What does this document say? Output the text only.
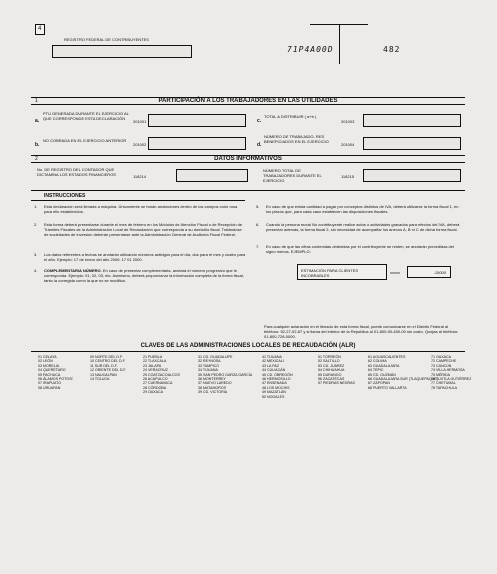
4
REGISTRO FEDERAL DE CONTRIBUYENTES
71P4A00D	482
1	PARTICIPACIÓN A LOS TRABAJADORES EN LAS UTILIDADES
a.
PTU GENERADA DURANTE EL EJERCICIO AL QUE CORRESPONDE ESTA DECLARACIÓN
201001
b.
NO COBRADA EN EL EJERCICIO ANTERIOR
201002
c.
TOTAL A DISTRIBUIR ( a+b )
201003
d.
NÚMERO DE TRABAJADO- RES BENEFICIADOS EN EL EJERCICIO
201004
2	DATOS INFORMATIVOS
No. DE REGISTRO DEL CONTADOR QUE DICTAMINA LOS ESTADOS FINANCIEROS	118214
NÚMERO TOTAL DE TRABAJADORES DURANTE EL EJERCICIO
118215
INSTRUCCIONES
1. Esta declaración será llenada a máquina. Únicamente se harán anotaciones dentro de los campos color rosa para ello establecidos.

2. Esta forma deberá presentarse durante el mes de febrero en los Módulos de Atención Fiscal o de Recepción de Trámites Fiscales de la Administración Local de Recaudación que corresponda a su domicilio fiscal. Tratándose de sociedades de inversión deberán presentarse ante la Administración General de Auditoría Fiscal Federal.

3. Los datos referentes a fechas se anotarán utilizando números arábigos para el día, dos para el mes y cuatro para el año. Ejemplo: 17 de enero del año 2000: 17 01 2000.

4. COMPLEMENTARIA NÚMERO. En caso de presentar complementaria, anotará el número progresivo que le corresponda. Ejemplo: 01, 02, 03, etc. Asimismo, deberá proporcionar la información completa de la forma fiscal, tanto la corregida como la que no se modifica.

5. En caso de que exista cantidad a pagar por conceptos distintos de IVA, deberá utilizarse la forma fiscal 1, en los plazos que, para cada caso establecen las disposiciones fiscales.

6. Cuando la persona moral No contribuyente realice actos o actividades gravados para efectos del IVA, deberá presentar además, la forma fiscal 2, sin necesidad de acompañar los anexos A, B ni C de dicha forma fiscal.

7. En caso de que las cifras contenidas obtenidas por el contribuyente se resten, se anotarán precedidas del signo menos. EJEMPLO:

ESTIMACIÓN PARA CLIENTES INCOBRABLES
xxxxx	-15000
Para cualquier aclaración en el llenado de esta forma fiscal, puede comunicarse en el Distrito Federal al teléfono: 52-27-02-87 y si llama del interior de la República al 01-800-90-450-00 sin costo. Quejas al teléfono: 01-800-728-0000.
CLAVES DE LAS ADMINISTRACIONES LOCALES DE RECAUDACIÓN (ALR)
01 CELAYA
02 LEÓN
03 MORELIA
04 QUERÉTARO
05 PACHUCA
06 ÁLAMOS POTOSÍ
07 IRAPUATO
08 URUAPAN
09 NORTE DEL D.F.
10 CENTRO DEL D.F.
11 SUR DEL D.F.
12 ORIENTE DEL D.F.
13 NAUCALPAN
14 TOLUCA
21 PUEBLA
22 TLAXCALA
23 JALAPA
24 VERACRUZ
25 COATZACOALCOS
26 ACAPULCO
27 CUERNAVACA
28 CÓRDOBA
29 OAXACA
31 CD. GUADALUPE
32 REYNOSA
33 TAMPICO
34 TIJUANA
35 SAN PEDRO GARZA GARCÍA
36 MONTERREY
37 NUEVO LAREDO
38 MATAMOROS
39 CD. VICTORIA
41 TIJUANA
42 MEXICALI
43 LA PAZ
44 CULIACÁN
45 CD. OBREGÓN
46 HERMOSILLO
47 ENSENADA
48 LOS MOCHIS
49 MAZATLÁN
50 NOGALES
51 TORREÓN
52 SALTILLO
53 CD. JUÁREZ
54 CHIHUAHUA
55 DURANGO
56 ZACATECAS
57 PIEDRAS NEGRAS
61 AGUASCALIENTES
62 COLIMA
63 GUADALAJARA
64 TEPIC
65 CD. GUZMÁN
66 GUADALAJARA SUR (TLAQUEPAQUE)
67 ZAPOPAN
68 PUERTO VALLARTA
71 OAXACA
72 CAMPECHE
73 CANCÚN
74 VILLA HERMOSA
75 MÉRIDA
76 TUXTLA GUTIÉRREZ
77 CHETUMAL
78 TAPACHULA
